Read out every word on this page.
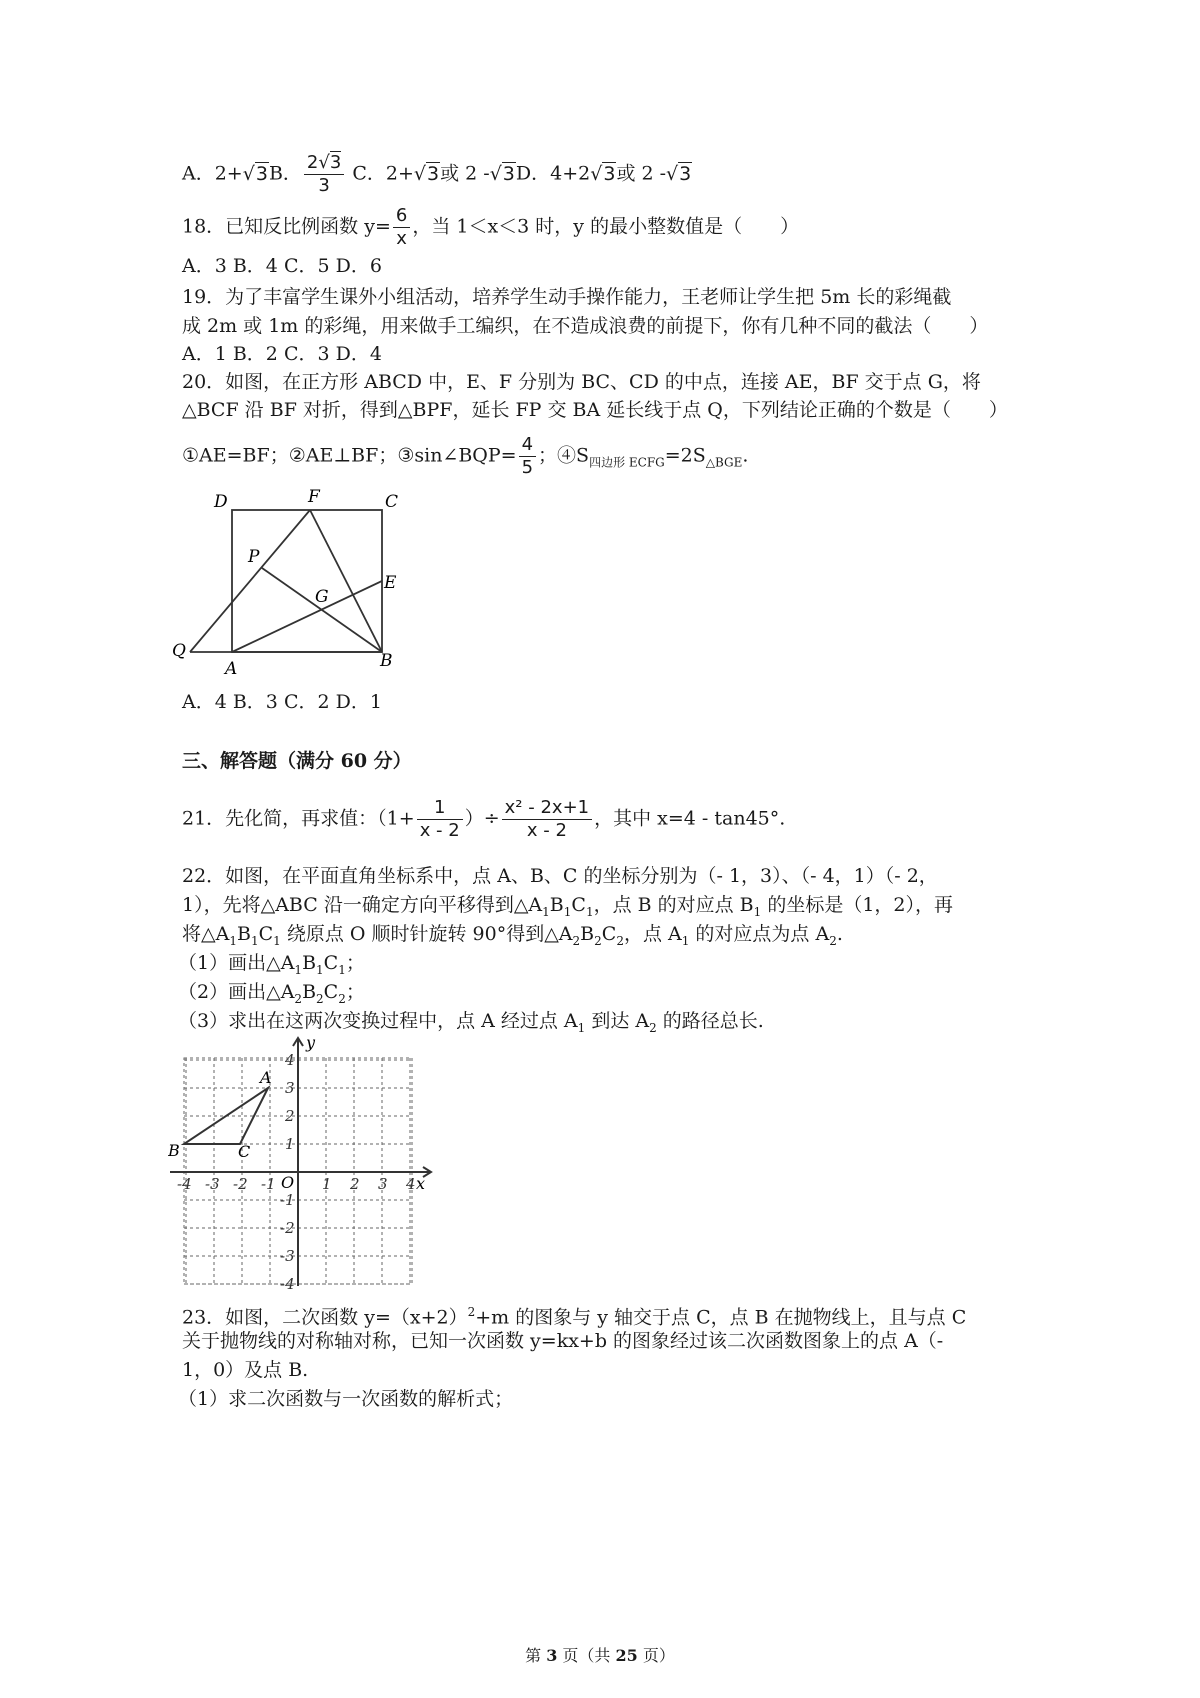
A．2+√3B． $\frac{2√3}{3}$ C．2+√3或 2 -√3D．4+2√3或 2 -√3
18．已知反比例函数 $y= \frac{6}{x}$ ，当 1＜x＜3 时，y 的最小整数值是（　　）
A．3 B．4 C．5 D．6
19．为了丰富学生课外小组活动，培养学生动手操作能力，王老师让学生把 5m 长的彩绳截
成 2m 或 1m 的彩绳，用来做手工编织，在不造成浪费的前提下，你有几种不同的截法（　　）
A．1 B．2 C．3 D．4
20．如图，在正方形 ABCD 中，E、F 分别为 BC、CD 的中点，连接 AE，BF 交于点 G，将
△BCF 沿 BF 对折，得到△BPF，延长 FP 交 BA 延长线于点 Q，下列结论正确的个数是（　　）
①AE=BF；②AE⊥BF；③sin∠BQP= $\frac{4}{5}$ ；$④S_{四边形 ECFG}=2S_{\triangle BGE}$.
D	F	C
P
G
E
Q
A	B
A．4 B．3 C．2 D．1
三、解答题（满分 60 分）
21．先化简，再求值：（$1+ \frac{1}{x - 2}$ ）÷ $\frac{\text{x² - 2x+1}}{x - 2}$ ，其中 x=4 - tan45°.
22．如图，在平面直角坐标系中，点 A、B、C 的坐标分别为（- 1，3）、（- 4，1）（- 2，
1），先将△ABC 沿一确定方向平移得到$\triangle A_1B_1C_1$，点 B 的对应点 $B_1$ 的坐标是（1，2），再
将$\triangle A_1B_1C_1$ 绕原点 O 顺时针旋转 90°得到$\triangle A_2B_2C_2$，点 $A_1$ 的对应点为点 $A_2$.
（1）画出$\triangle A_1B_1C_1$；
（2）画出$\triangle A_2B_2C_2$；
（3）求出在这两次变换过程中，点 A 经过点 $A_1$ 到达 $A_2$ 的路径总长.
-4 -3 -2 -1	1 2 3 4
4
3
2
1
-1
-2
-3
-4
y
x
O
A
B	C
23．如图，二次函数 $y=(x+2)^2+m$ 的图象与 y 轴交于点 C，点 B 在抛物线上，且与点 C
关于抛物线的对称轴对称，已知一次函数 y=kx+b 的图象经过该二次函数图象上的点 A（-
1，0）及点 B.
（1）求二次函数与一次函数的解析式；
第 3 页（共 25 页）
